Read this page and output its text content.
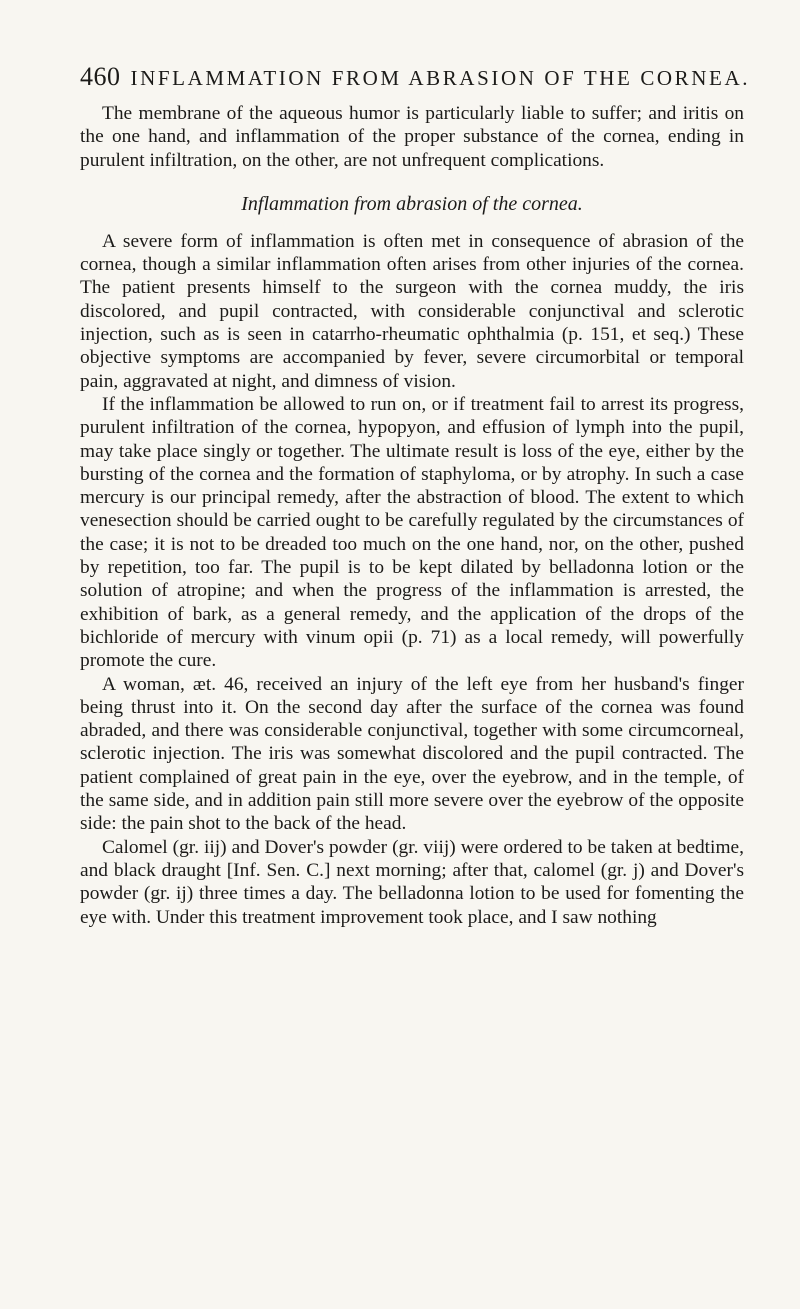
460 INFLAMMATION FROM ABRASION OF THE CORNEA.

The membrane of the aqueous humor is particularly liable to suffer; and iritis on the one hand, and inflammation of the proper substance of the cornea, ending in purulent infiltration, on the other, are not unfrequent complications.

Inflammation from abrasion of the cornea.

A severe form of inflammation is often met in consequence of abrasion of the cornea, though a similar inflammation often arises from other injuries of the cornea. The patient presents himself to the surgeon with the cornea muddy, the iris discolored, and pupil contracted, with considerable conjunctival and sclerotic injection, such as is seen in catarrho-rheumatic ophthalmia (p. 151, et seq.) These objective symptoms are accompanied by fever, severe circumorbital or temporal pain, aggravated at night, and dimness of vision.

If the inflammation be allowed to run on, or if treatment fail to arrest its progress, purulent infiltration of the cornea, hypopyon, and effusion of lymph into the pupil, may take place singly or together. The ultimate result is loss of the eye, either by the bursting of the cornea and the formation of staphyloma, or by atrophy. In such a case mercury is our principal remedy, after the abstraction of blood. The extent to which venesection should be carried ought to be carefully regulated by the circumstances of the case; it is not to be dreaded too much on the one hand, nor, on the other, pushed by repetition, too far. The pupil is to be kept dilated by belladonna lotion or the solution of atropine; and when the progress of the inflammation is arrested, the exhibition of bark, as a general remedy, and the application of the drops of the bichloride of mercury with vinum opii (p. 71) as a local remedy, will powerfully promote the cure.

A woman, æt. 46, received an injury of the left eye from her husband's finger being thrust into it. On the second day after the surface of the cornea was found abraded, and there was considerable conjunctival, together with some circumcorneal, sclerotic injection. The iris was somewhat discolored and the pupil contracted. The patient complained of great pain in the eye, over the eyebrow, and in the temple, of the same side, and in addition pain still more severe over the eyebrow of the opposite side: the pain shot to the back of the head.

Calomel (gr. iij) and Dover's powder (gr. viij) were ordered to be taken at bedtime, and black draught [Inf. Sen. C.] next morning; after that, calomel (gr. j) and Dover's powder (gr. ij) three times a day. The belladonna lotion to be used for fomenting the eye with. Under this treatment improvement took place, and I saw nothing
